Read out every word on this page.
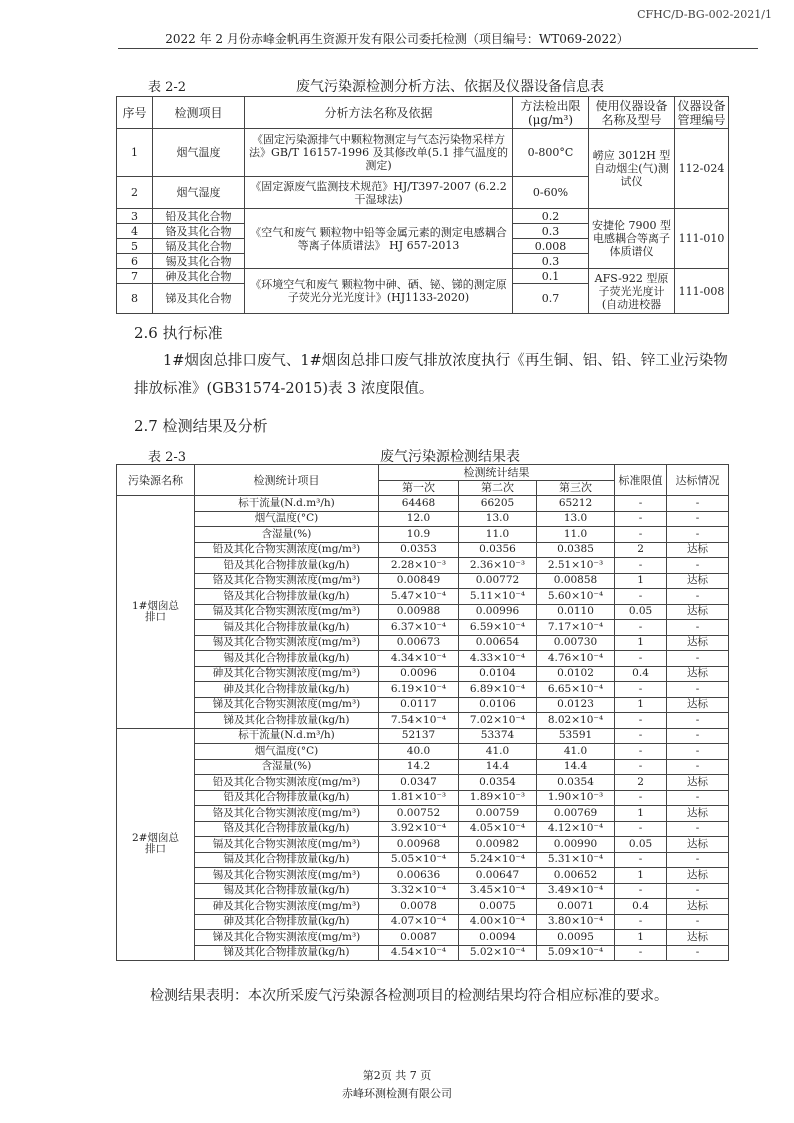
CFHC/D-BG-002-2021/1
2022 年 2 月份赤峰金帆再生资源开发有限公司委托检测（项目编号：WT069-2022）
表 2-2	废气污染源检测分析方法、依据及仪器设备信息表
序号	检测项目	分析方法名称及依据	方法检出限(μg/m³)	使用仪器设备名称及型号	仪器设备管理编号
1	烟气温度	《固定污染源排气中颗粒物测定与气态污染物采样方法》GB/T 16157-1996 及其修改单(5.1 排气温度的测定)	0-800°C	崂应 3012H 型自动烟尘(气)测试仪	112-024
2	烟气湿度	《固定源废气监测技术规范》HJ/T397-2007 (6.2.2 干湿球法)	0-60%		
3	铅及其化合物	《空气和废气 颗粒物中铅等金属元素的测定电感耦合等离子体质谱法》 HJ 657-2013	0.2	安捷伦 7900 型电感耦合等离子体质谱仪	111-010
4	铬及其化合物		0.3		
5	镉及其化合物		0.008		
6	锡及其化合物		0.3		
7	砷及其化合物	《环境空气和废气 颗粒物中砷、硒、铋、锑的测定原子荧光分光光度计》(HJ1133-2020)	0.1	AFS-922 型原子荧光光度计(自动进校器	111-008
8	锑及其化合物		0.7		
2.6 执行标准
1#烟囱总排口废气、1#烟囱总排口废气排放浓度执行《再生铜、铝、铅、锌工业污染物排放标准》(GB31574-2015)表 3 浓度限值。
2.7 检测结果及分析
表 2-3	废气污染源检测结果表
污染源名称	检测统计项目	检测统计结果			标准限值	达标情况
		第一次	第二次	第三次		
1#烟囱总排口	标干流量(N.d.m³/h)	64468	66205	65212	-	-
	烟气温度(°C)	12.0	13.0	13.0	-	-
	含湿量(%)	10.9	11.0	11.0	-	-
	铅及其化合物实测浓度(mg/m³)	0.0353	0.0356	0.0385	2	达标
	铅及其化合物排放量(kg/h)	2.28×10⁻³	2.36×10⁻³	2.51×10⁻³	-	-
	铬及其化合物实测浓度(mg/m³)	0.00849	0.00772	0.00858	1	达标
	铬及其化合物排放量(kg/h)	5.47×10⁻⁴	5.11×10⁻⁴	5.60×10⁻⁴	-	-
	镉及其化合物实测浓度(mg/m³)	0.00988	0.00996	0.0110	0.05	达标
	镉及其化合物排放量(kg/h)	6.37×10⁻⁴	6.59×10⁻⁴	7.17×10⁻⁴	-	-
	锡及其化合物实测浓度(mg/m³)	0.00673	0.00654	0.00730	1	达标
	锡及其化合物排放量(kg/h)	4.34×10⁻⁴	4.33×10⁻⁴	4.76×10⁻⁴	-	-
	砷及其化合物实测浓度(mg/m³)	0.0096	0.0104	0.0102	0.4	达标
	砷及其化合物排放量(kg/h)	6.19×10⁻⁴	6.89×10⁻⁴	6.65×10⁻⁴	-	-
	锑及其化合物实测浓度(mg/m³)	0.0117	0.0106	0.0123	1	达标
	锑及其化合物排放量(kg/h)	7.54×10⁻⁴	7.02×10⁻⁴	8.02×10⁻⁴	-	-
2#烟囱总排口	标干流量(N.d.m³/h)	52137	53374	53591	-	-
	烟气温度(°C)	40.0	41.0	41.0	-	-
	含湿量(%)	14.2	14.4	14.4	-	-
	铅及其化合物实测浓度(mg/m³)	0.0347	0.0354	0.0354	2	达标
	铅及其化合物排放量(kg/h)	1.81×10⁻³	1.89×10⁻³	1.90×10⁻³	-	-
	铬及其化合物实测浓度(mg/m³)	0.00752	0.00759	0.00769	1	达标
	铬及其化合物排放量(kg/h)	3.92×10⁻⁴	4.05×10⁻⁴	4.12×10⁻⁴	-	-
	镉及其化合物实测浓度(mg/m³)	0.00968	0.00982	0.00990	0.05	达标
	镉及其化合物排放量(kg/h)	5.05×10⁻⁴	5.24×10⁻⁴	5.31×10⁻⁴	-	-
	锡及其化合物实测浓度(mg/m³)	0.00636	0.00647	0.00652	1	达标
	锡及其化合物排放量(kg/h)	3.32×10⁻⁴	3.45×10⁻⁴	3.49×10⁻⁴	-	-
	砷及其化合物实测浓度(mg/m³)	0.0078	0.0075	0.0071	0.4	达标
	砷及其化合物排放量(kg/h)	4.07×10⁻⁴	4.00×10⁻⁴	3.80×10⁻⁴	-	-
	锑及其化合物实测浓度(mg/m³)	0.0087	0.0094	0.0095	1	达标
	锑及其化合物排放量(kg/h)	4.54×10⁻⁴	5.02×10⁻⁴	5.09×10⁻⁴	-	-
检测结果表明：本次所采废气污染源各检测项目的检测结果均符合相应标准的要求。
第2页 共 7 页
赤峰环测检测有限公司
